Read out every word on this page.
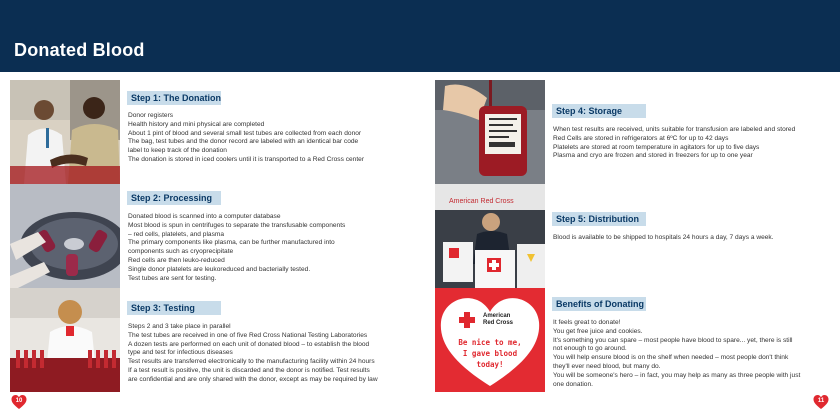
Donated Blood
American Red Cross
American
Red Cross
Be nice to me,
I gave blood
today!
Step 1: The Donation
Donor registers
Health history and mini physical are completed
About 1 pint of blood and several small test tubes are collected from each donor
The bag, test tubes and the donor record are labeled with an identical bar code
label to keep track of the donation
The donation is stored in iced coolers until it is transported to a Red Cross center
Step 2: Processing
Donated blood is scanned into a computer database
Most blood is spun in centrifuges to separate the transfusable components
– red cells, platelets, and plasma
The primary components like plasma, can be further manufactured into
components such as cryoprecipitate
Red cells are then leuko-reduced
Single donor platelets are leukoreduced and bacterially tested.
Test tubes are sent for testing.
Step 3: Testing
Steps 2 and 3 take place in parallel
The test tubes are received in one of five Red Cross National Testing Laboratories
A dozen tests are performed on each unit of donated blood – to establish the blood
type and test for infectious diseases
Test results are transferred electronically to the manufacturing facility within 24 hours
If a test result is positive, the unit is discarded and the donor is notified. Test results
are confidential and are only shared with the donor, except as may be required by law
Step 4: Storage
When test results are received, units suitable for transfusion are labeled and stored
Red Cells are stored in refrigerators at 6ºC for up to 42 days
Platelets are stored at room temperature in agitators for up to five days
Plasma and cryo are frozen and stored in freezers for up to one year
Step 5: Distribution
Blood is available to be shipped to hospitals 24 hours a day, 7 days a week.
Benefits of Donating
It feels great to donate!
You get free juice and cookies.
It's something you can spare – most people have blood to spare... yet, there is still
not enough to go around.
You will help ensure blood is on the shelf when needed – most people don't think
they'll ever need blood, but many do.
You will be someone's hero – in fact, you may help as many as three people with just
one donation.
10	11
